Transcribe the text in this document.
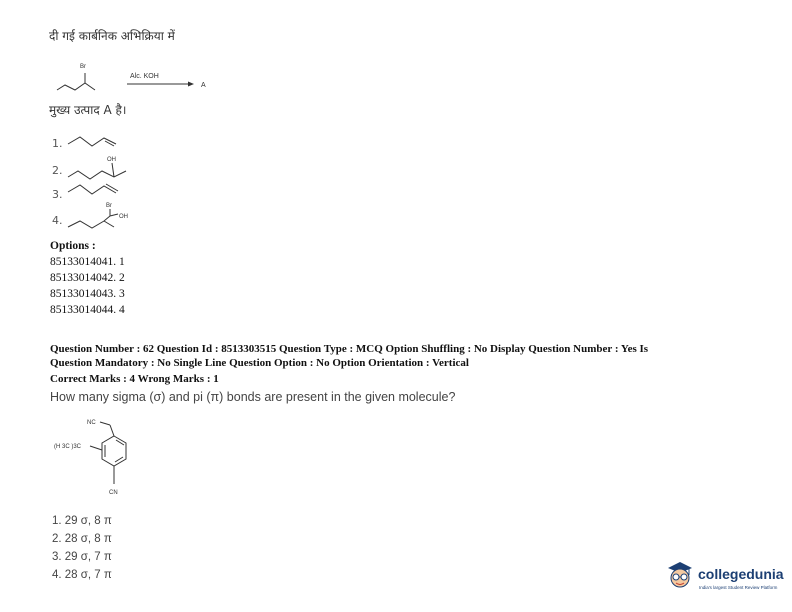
दी गई कार्बनिक अभिक्रिया में
Br
Alc. KOH
A
मुख्य उत्पाद A है।
1.
2.
OH
3.
4.
Br
OH
Options :
85133014041. 1
85133014042. 2
85133014043. 3
85133014044. 4
Question Number : 62 Question Id : 8513303515 Question Type : MCQ Option Shuffling : No Display Question Number : Yes Is
Question Mandatory : No Single Line Question Option : No Option Orientation : Vertical
Correct Marks : 4 Wrong Marks : 1
How many sigma (σ) and pi (π) bonds are present in the given molecule?
NC
(H 3C )3C
CN
1. 29 σ, 8 π
2. 28 σ, 8 π
3. 29 σ, 7 π
4. 28 σ, 7 π	collegedunia
India's largest Student Review Platform
